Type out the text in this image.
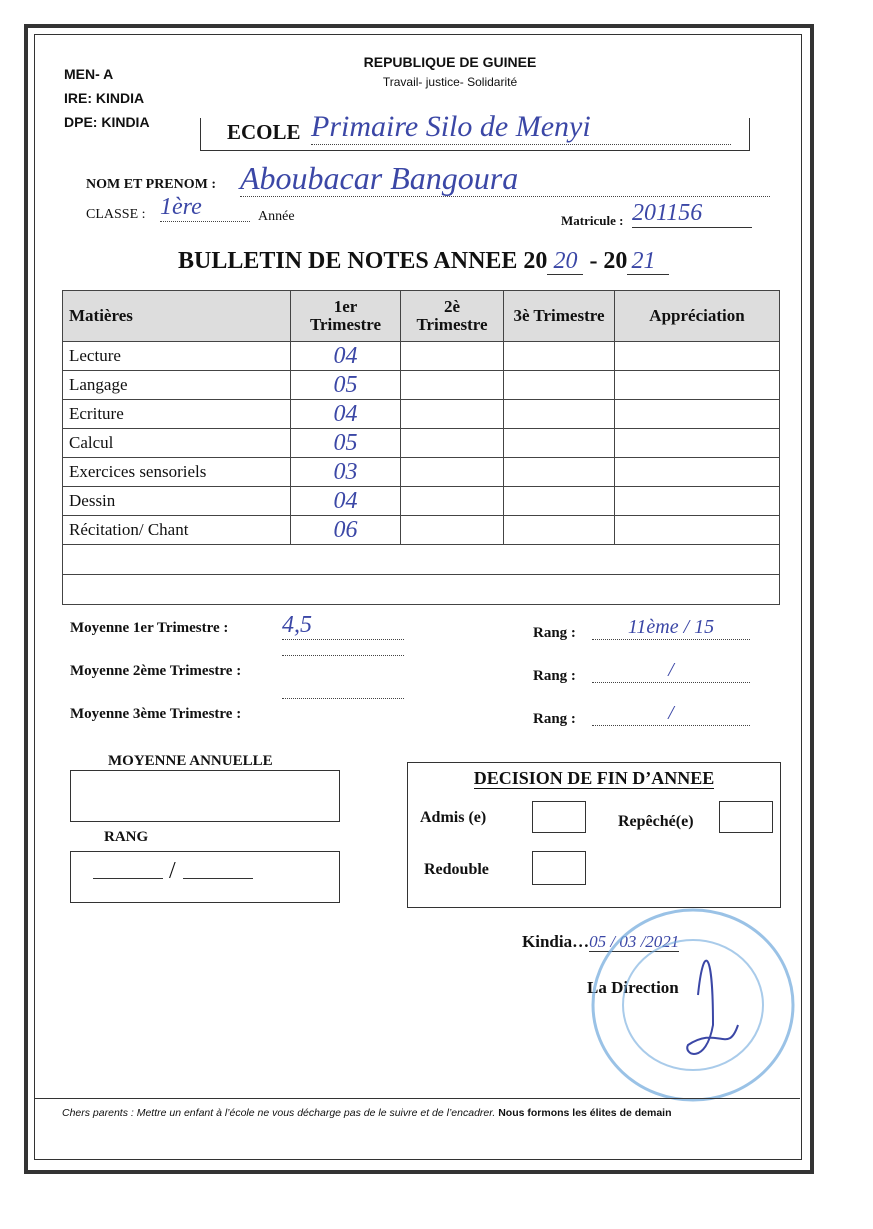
MEN- A
IRE: KINDIA
DPE: KINDIA
REPUBLIQUE DE GUINEE
Travail- justice- Solidarité
ECOLE Primaire Silo de Menyi
NOM ET PRENOM : Aboubacar Bangoura
CLASSE : 1ère	Année	Matricule : 201156
BULLETIN DE NOTES ANNEE 20 20 - 20 21
Matières	1er Trimestre	2è Trimestre	3è Trimestre	Appréciation
Lecture	04			
Langage	05			
Ecriture	04			
Calcul	05			
Exercices sensoriels	03			
Dessin	04			
Récitation/ Chant	06			

Moyenne 1er Trimestre : 4,5	Rang :	11ème / 15
Moyenne 2ème Trimestre :	Rang :	/
Moyenne 3ème Trimestre :	Rang :	/
MOYENNE ANNUELLE
RANG
/
DECISION DE FIN D’ANNEE
Admis (e)	Repêché(e)
Redouble
Kindia…05 / 03 /2021
La Direction
Chers parents : Mettre un enfant à l’école ne vous décharge pas de le suivre et de l’encadrer. Nous formons les élites de demain
